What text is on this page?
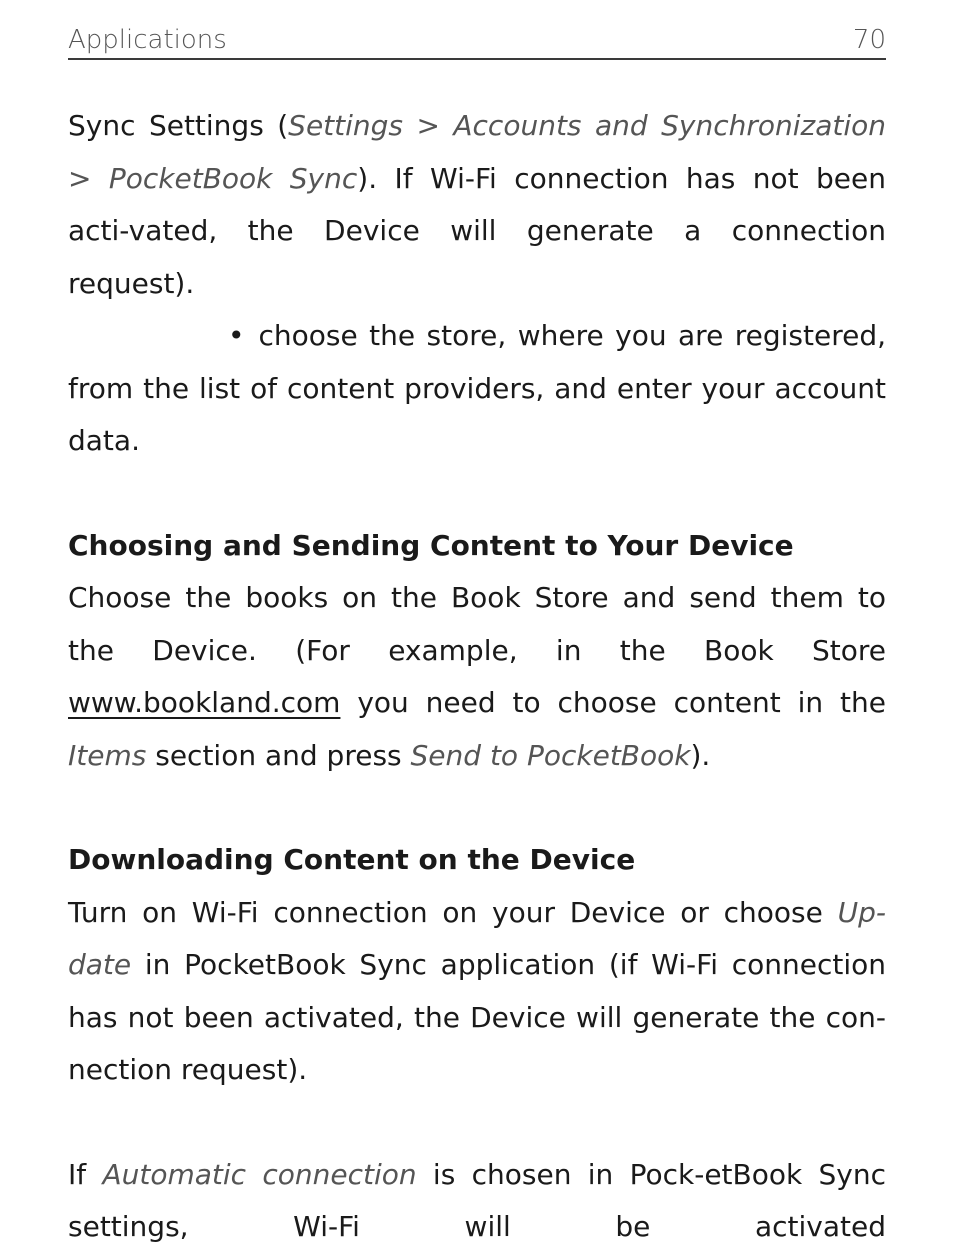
Applications	70

Sync Settings (Settings > Accounts and Synchronization > PocketBook Sync). If Wi-Fi connection has not been acti-vated, the Device will generate a connection request).

• choose the store, where you are registered, from the list of content providers, and enter your account data.

Choosing and Sending Content to Your Device

Choose the books on the Book Store and send them to the Device. (For example, in the Book Store www.bookland.com you need to choose content in the Items section and press Send to PocketBook).

Downloading Content on the Device

Turn on Wi-Fi connection on your Device or choose Up-date in PocketBook Sync application (if Wi-Fi connection has not been activated, the Device will generate the con-nection request).

If Automatic connection is chosen in Pock-etBook Sync settings, Wi-Fi will be activated
